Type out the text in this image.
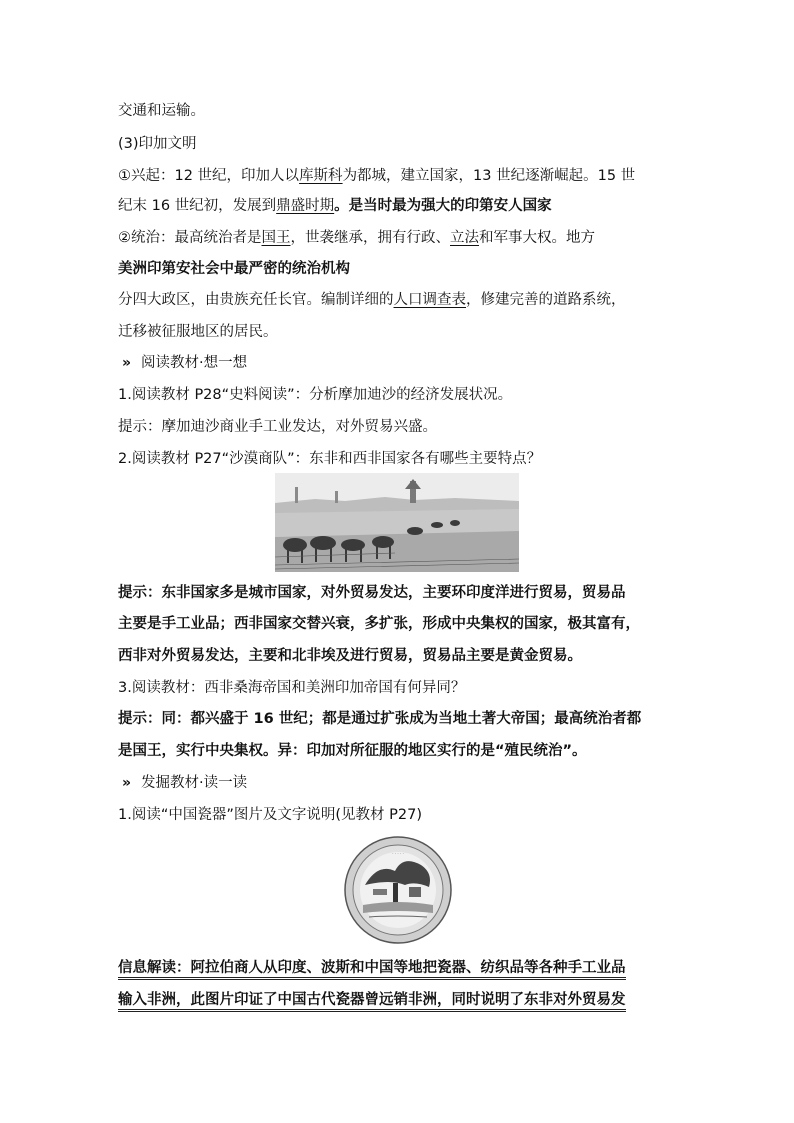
交通和运输。
(3)印加文明
①兴起：12 世纪，印加人以库斯科为都城，建立国家，13 世纪逐渐崛起。15 世
纪末 16 世纪初，发展到鼎盛时期。是当时最为强大的印第安人国家
②统治：最高统治者是国王，世袭继承，拥有行政、立法和军事大权。地方
美洲印第安社会中最严密的统治机构
分四大政区，由贵族充任长官。编制详细的人口调查表，修建完善的道路系统，
迁移被征服地区的居民。
» 阅读教材·想一想
1.阅读教材 P28“史料阅读”：分析摩加迪沙的经济发展状况。
提示：摩加迪沙商业手工业发达，对外贸易兴盛。
2.阅读教材 P27“沙漠商队”：东非和西非国家各有哪些主要特点？
提示：东非国家多是城市国家，对外贸易发达，主要环印度洋进行贸易，贸易品
主要是手工业品；西非国家交替兴衰，多扩张，形成中央集权的国家，极其富有，
西非对外贸易发达，主要和北非埃及进行贸易，贸易品主要是黄金贸易。
3.阅读教材：西非桑海帝国和美洲印加帝国有何异同？
提示：同：都兴盛于 16 世纪；都是通过扩张成为当地土著大帝国；最高统治者都
是国王，实行中央集权。异：印加对所征服的地区实行的是“殖民统治”。
» 发掘教材·读一读
1.阅读“中国瓷器”图片及文字说明(见教材 P27)
· · · · ·
信息解读：阿拉伯商人从印度、波斯和中国等地把瓷器、纺织品等各种手工业品
输入非洲，此图片印证了中国古代瓷器曾远销非洲，同时说明了东非对外贸易发
